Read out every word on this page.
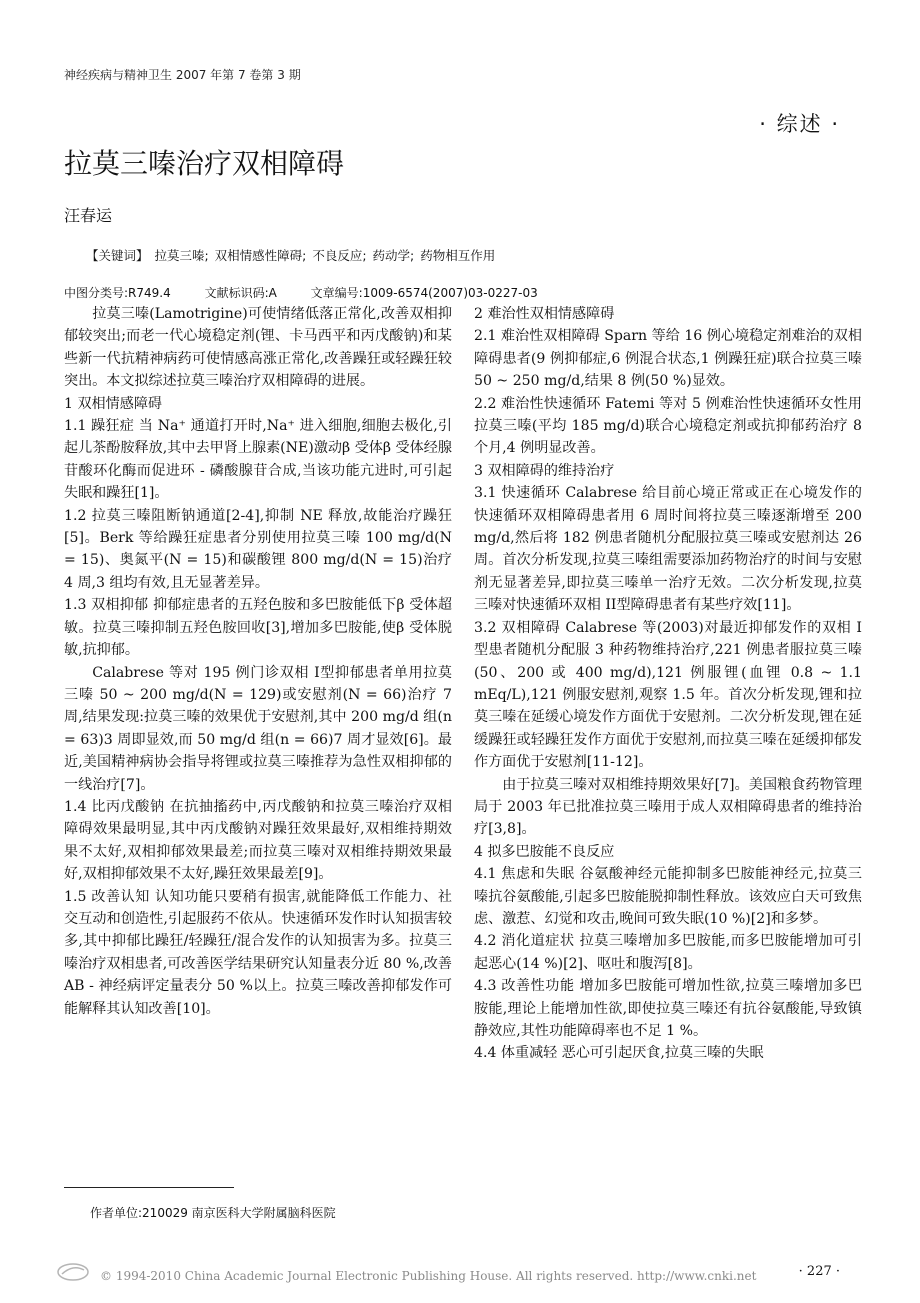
神经疾病与精神卫生 2007 年第 7 卷第 3 期
· 综述 ·
拉莫三嗪治疗双相障碍
汪春运
【关键词】 拉莫三嗪; 双相情感性障碍; 不良反应; 药动学; 药物相互作用
中图分类号:R749.4	文献标识码:A	文章编号:1009-6574(2007)03-0227-03

拉莫三嗪(Lamotrigine)可使情绪低落正常化,改善双相抑郁较突出;而老一代心境稳定剂(锂、卡马西平和丙戊酸钠)和某些新一代抗精神病药可使情感高涨正常化,改善躁狂或轻躁狂较突出。本文拟综述拉莫三嗪治疗双相障碍的进展。

1 双相情感障碍

1.1 躁狂症 当 Na⁺ 通道打开时,Na⁺ 进入细胞,细胞去极化,引起儿茶酚胺释放,其中去甲肾上腺素(NE)激动β 受体β 受体经腺苷酸环化酶而促进环 - 磷酸腺苷合成,当该功能亢进时,可引起失眠和躁狂[1]。

1.2 拉莫三嗪阻断钠通道[2-4],抑制 NE 释放,故能治疗躁狂[5]。Berk 等给躁狂症患者分别使用拉莫三嗪 100 mg/d(N = 15)、奥氮平(N = 15)和碳酸锂 800 mg/d(N = 15)治疗 4 周,3 组均有效,且无显著差异。

1.3 双相抑郁 抑郁症患者的五羟色胺和多巴胺能低下β 受体超敏。拉莫三嗪抑制五羟色胺回收[3],增加多巴胺能,使β 受体脱敏,抗抑郁。

Calabrese 等对 195 例门诊双相 I型抑郁患者单用拉莫三嗪 50 ~ 200 mg/d(N = 129)或安慰剂(N = 66)治疗 7 周,结果发现:拉莫三嗪的效果优于安慰剂,其中 200 mg/d 组(n = 63)3 周即显效,而 50 mg/d 组(n = 66)7 周才显效[6]。最近,美国精神病协会指导将锂或拉莫三嗪推荐为急性双相抑郁的一线治疗[7]。

1.4 比丙戊酸钠 在抗抽搐药中,丙戊酸钠和拉莫三嗪治疗双相障碍效果最明显,其中丙戊酸钠对躁狂效果最好,双相维持期效果不太好,双相抑郁效果最差;而拉莫三嗪对双相维持期效果最好,双相抑郁效果不太好,躁狂效果最差[9]。

1.5 改善认知 认知功能只要稍有损害,就能降低工作能力、社交互动和创造性,引起服药不依从。快速循环发作时认知损害较多,其中抑郁比躁狂/轻躁狂/混合发作的认知损害为多。拉莫三嗪治疗双相患者,可改善医学结果研究认知量表分近 80 %,改善 AB - 神经病评定量表分 50 %以上。拉莫三嗪改善抑郁发作可能解释其认知改善[10]。

2 难治性双相情感障碍

2.1 难治性双相障碍 Sparn 等给 16 例心境稳定剂难治的双相障碍患者(9 例抑郁症,6 例混合状态,1 例躁狂症)联合拉莫三嗪 50 ~ 250 mg/d,结果 8 例(50 %)显效。

2.2 难治性快速循环 Fatemi 等对 5 例难治性快速循环女性用拉莫三嗪(平均 185 mg/d)联合心境稳定剂或抗抑郁药治疗 8 个月,4 例明显改善。

3 双相障碍的维持治疗

3.1 快速循环 Calabrese 给目前心境正常或正在心境发作的快速循环双相障碍患者用 6 周时间将拉莫三嗪逐渐增至 200 mg/d,然后将 182 例患者随机分配服拉莫三嗪或安慰剂达 26 周。首次分析发现,拉莫三嗪组需要添加药物治疗的时间与安慰剂无显著差异,即拉莫三嗪单一治疗无效。二次分析发现,拉莫三嗪对快速循环双相 II型障碍患者有某些疗效[11]。

3.2 双相障碍 Calabrese 等(2003)对最近抑郁发作的双相 I型患者随机分配服 3 种药物维持治疗,221 例患者服拉莫三嗪(50、200 或 400 mg/d),121 例服锂(血锂 0.8 ~ 1.1 mEq/L),121 例服安慰剂,观察 1.5 年。首次分析发现,锂和拉莫三嗪在延缓心境发作方面优于安慰剂。二次分析发现,锂在延缓躁狂或轻躁狂发作方面优于安慰剂,而拉莫三嗪在延缓抑郁发作方面优于安慰剂[11-12]。

由于拉莫三嗪对双相维持期效果好[7]。美国粮食药物管理局于 2003 年已批准拉莫三嗪用于成人双相障碍患者的维持治疗[3,8]。

4 拟多巴胺能不良反应

4.1 焦虑和失眠 谷氨酸神经元能抑制多巴胺能神经元,拉莫三嗪抗谷氨酸能,引起多巴胺能脱抑制性释放。该效应白天可致焦虑、激惹、幻觉和攻击,晚间可致失眠(10 %)[2]和多梦。

4.2 消化道症状 拉莫三嗪增加多巴胺能,而多巴胺能增加可引起恶心(14 %)[2]、呕吐和腹泻[8]。

4.3 改善性功能 增加多巴胺能可增加性欲,拉莫三嗪增加多巴胺能,理论上能增加性欲,即使拉莫三嗪还有抗谷氨酸能,导致镇静效应,其性功能障碍率也不足 1 %。

4.4 体重减轻 恶心可引起厌食,拉莫三嗪的失眠

作者单位:210029 南京医科大学附属脑科医院
· 227 ·
© 1994-2010 China Academic Journal Electronic Publishing House. All rights reserved. http://www.cnki.net
